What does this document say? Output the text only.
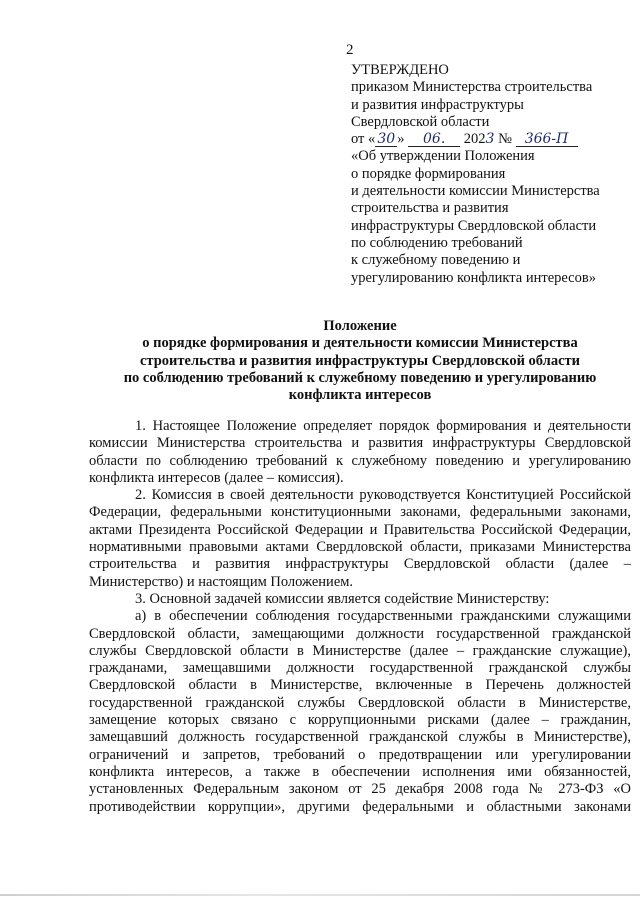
2
УТВЕРЖДЕНО
приказом Министерства строительства
и развития инфраструктуры
Свердловской области
от « 30 » 06. 2023 № 366-П
«Об утверждении Положения
о порядке формирования
и деятельности комиссии Министерства
строительства и развития
инфраструктуры Свердловской области
по соблюдению требований
к служебному поведению и
урегулированию конфликта интересов»
Положение
о порядке формирования и деятельности комиссии Министерства
строительства и развития инфраструктуры Свердловской области
по соблюдению требований к служебному поведению и урегулированию
конфликта интересов

1. Настоящее Положение определяет порядок формирования и деятельности комиссии Министерства строительства и развития инфраструктуры Свердловской области по соблюдению требований к служебному поведению и урегулированию конфликта интересов (далее – комиссия).

2. Комиссия в своей деятельности руководствуется Конституцией Российской Федерации, федеральными конституционными законами, федеральными законами, актами Президента Российской Федерации и Правительства Российской Федерации, нормативными правовыми актами Свердловской области, приказами Министерства строительства и развития инфраструктуры Свердловской области (далее – Министерство) и настоящим Положением.

3. Основной задачей комиссии является содействие Министерству:

а) в обеспечении соблюдения государственными гражданскими служащими Свердловской области, замещающими должности государственной гражданской службы Свердловской области в Министерстве (далее – гражданские служащие), гражданами, замещавшими должности государственной гражданской службы Свердловской области в Министерстве, включенные в Перечень должностей государственной гражданской службы Свердловской области в Министерстве, замещение которых связано с коррупционными рисками (далее – гражданин, замещавший должность государственной гражданской службы в Министерстве), ограничений и запретов, требований о предотвращении или урегулировании конфликта интересов, а также в обеспечении исполнения ими обязанностей, установленных Федеральным законом от 25 декабря 2008 года № 273-ФЗ «О противодействии коррупции», другими федеральными и областными законами
